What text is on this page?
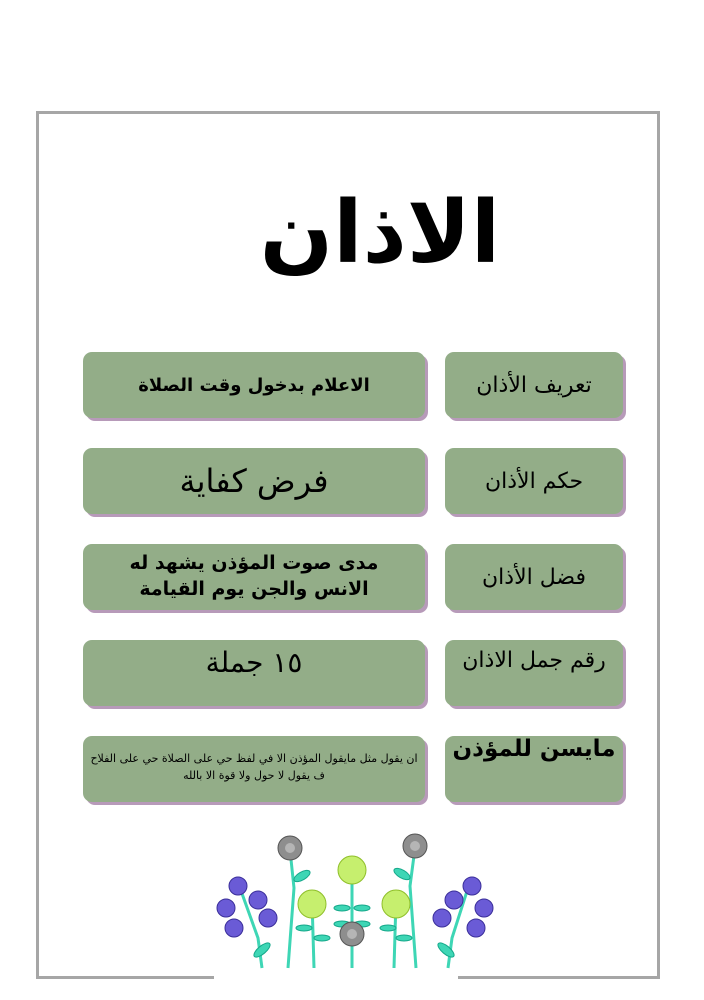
الاذان
تعريف الأذان
الاعلام بدخول وقت الصلاة
حكم الأذان
فرض كفاية
فضل الأذان
مدى صوت المؤذن يشهد له الانس والجن يوم القيامة
رقم جمل الاذان
١٥ جملة
مايسن للمؤذن
ان يقول مثل مايقول المؤذن الا في لفظ حي على الصلاة حي على الفلاح ف يقول لا حول ولا قوة الا بالله
